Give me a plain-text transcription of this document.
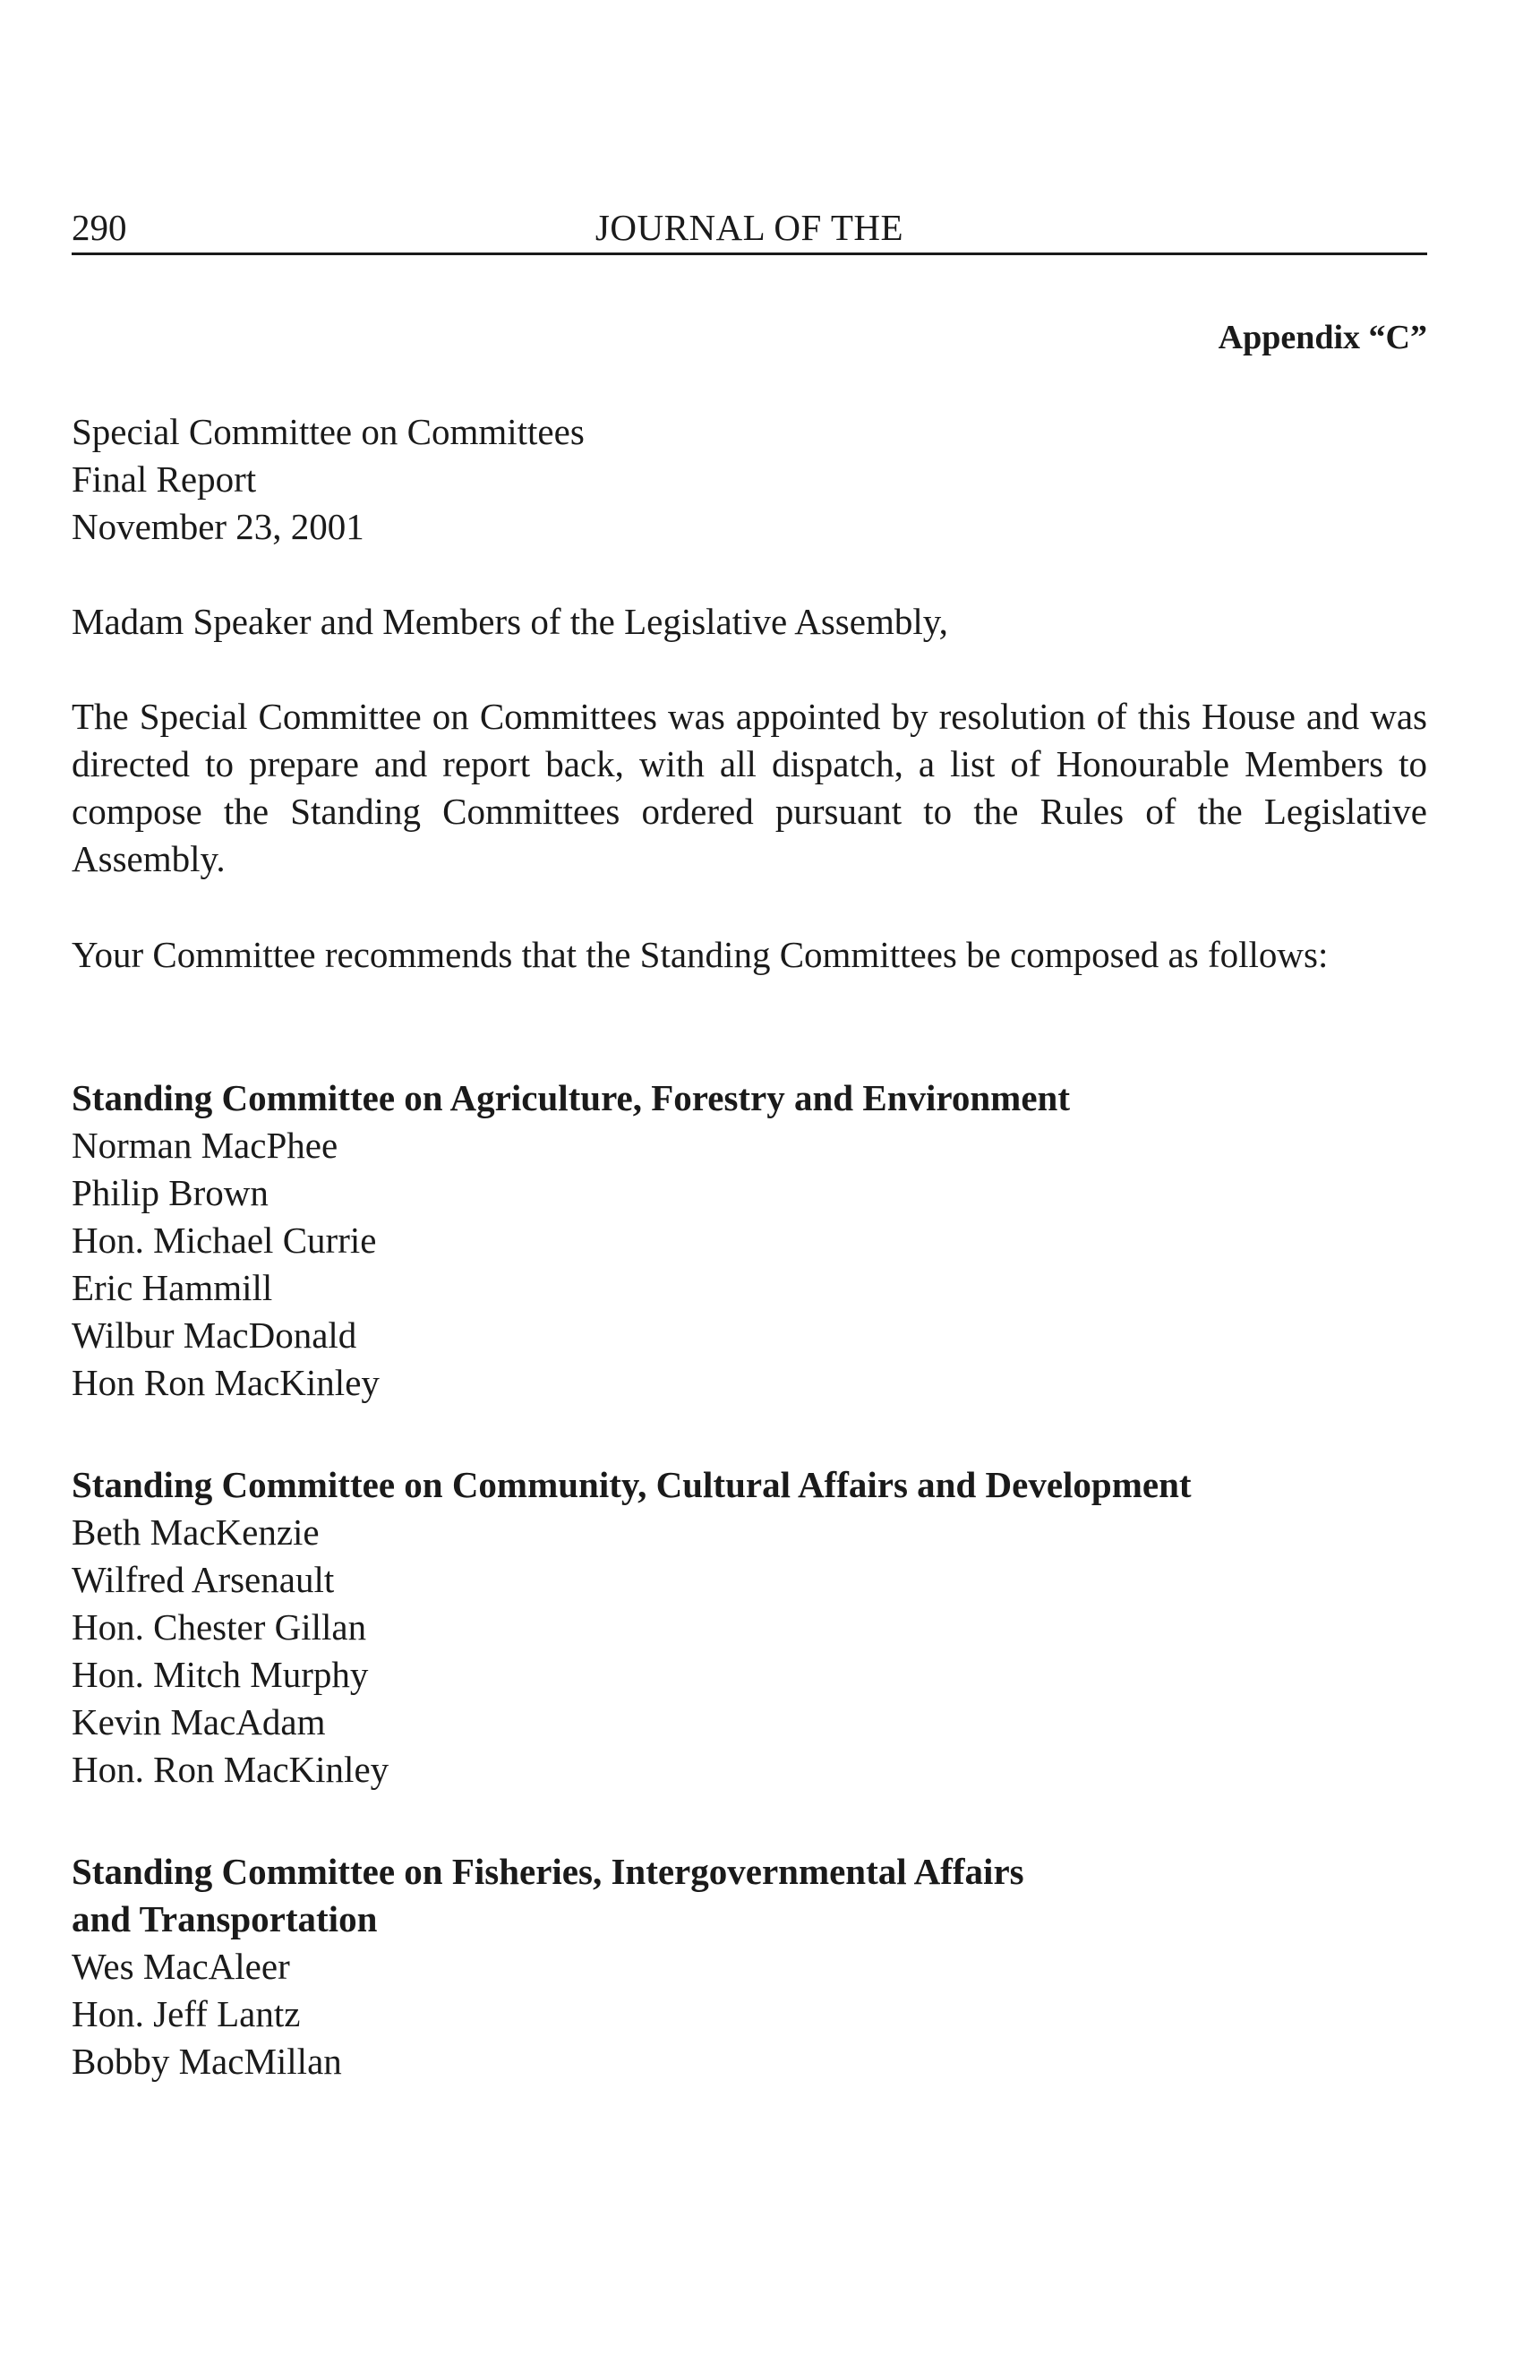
290	JOURNAL OF THE
Appendix “C”
Special Committee on Committees
Final Report
November 23, 2001
Madam Speaker and Members of the Legislative Assembly,
The Special Committee on Committees was appointed by resolution of this House and was directed to prepare and report back, with all dispatch, a list of Honourable Members to compose the Standing Committees ordered pursuant to the Rules of the Legislative Assembly.
Your Committee recommends that the Standing Committees be composed as follows:
Standing Committee on Agriculture, Forestry and Environment
Norman MacPhee
Philip Brown
Hon. Michael Currie
Eric Hammill
Wilbur MacDonald
Hon Ron MacKinley
Standing Committee on Community, Cultural Affairs and Development
Beth MacKenzie
Wilfred Arsenault
Hon. Chester Gillan
Hon. Mitch Murphy
Kevin MacAdam
Hon. Ron MacKinley
Standing Committee on Fisheries, Intergovernmental Affairs
and Transportation
Wes MacAleer
Hon. Jeff Lantz
Bobby MacMillan
